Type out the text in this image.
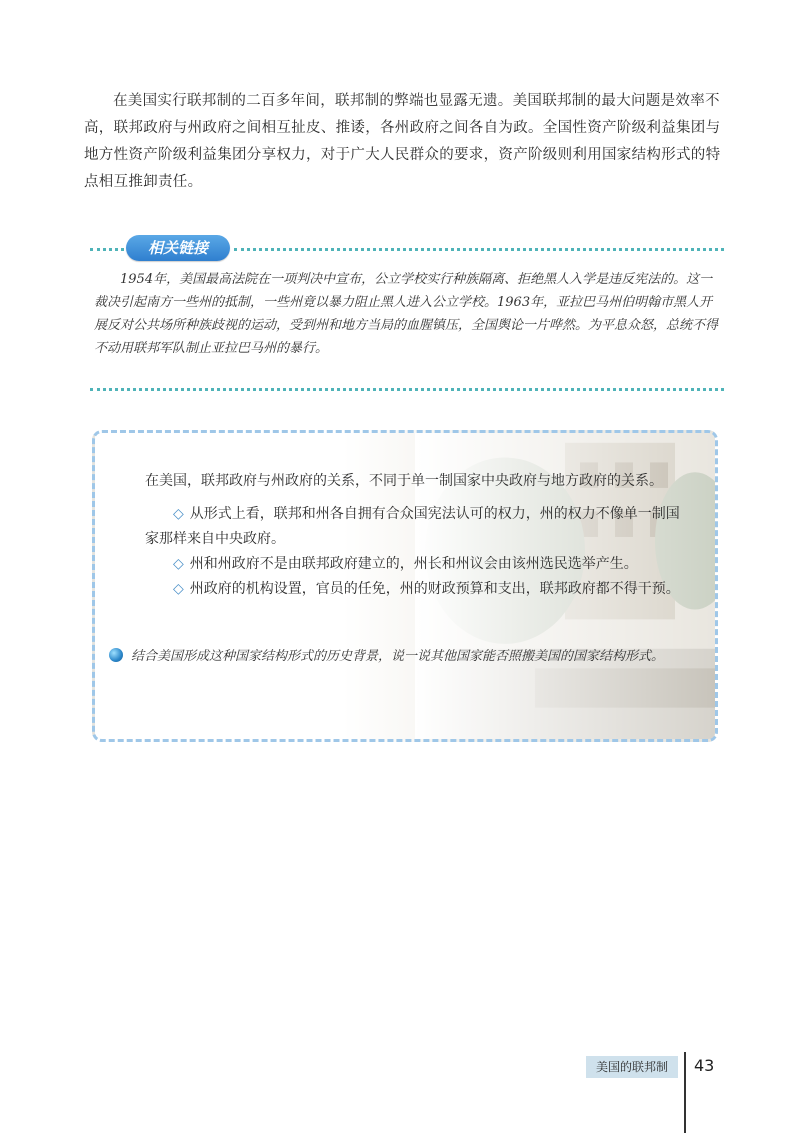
在美国实行联邦制的二百多年间，联邦制的弊端也显露无遗。美国联邦制的最大问题是效率不高，联邦政府与州政府之间相互扯皮、推诿，各州政府之间各自为政。全国性资产阶级利益集团与地方性资产阶级利益集团分享权力，对于广大人民群众的要求，资产阶级则利用国家结构形式的特点相互推卸责任。

相关链接

1954年，美国最高法院在一项判决中宣布，公立学校实行种族隔离、拒绝黑人入学是违反宪法的。这一裁决引起南方一些州的抵制，一些州竟以暴力阻止黑人进入公立学校。1963年，亚拉巴马州伯明翰市黑人开展反对公共场所种族歧视的运动，受到州和地方当局的血腥镇压，全国舆论一片哗然。为平息众怒，总统不得不动用联邦军队制止亚拉巴马州的暴行。

在美国，联邦政府与州政府的关系，不同于单一制国家中央政府与地方政府的关系。

◇ 从形式上看，联邦和州各自拥有合众国宪法认可的权力，州的权力不像单一制国家那样来自中央政府。

◇ 州和州政府不是由联邦政府建立的，州长和州议会由该州选民选举产生。

◇ 州政府的机构设置，官员的任免，州的财政预算和支出，联邦政府都不得干预。

结合美国形成这种国家结构形式的历史背景，说一说其他国家能否照搬美国的国家结构形式。
美国的联邦制	43
